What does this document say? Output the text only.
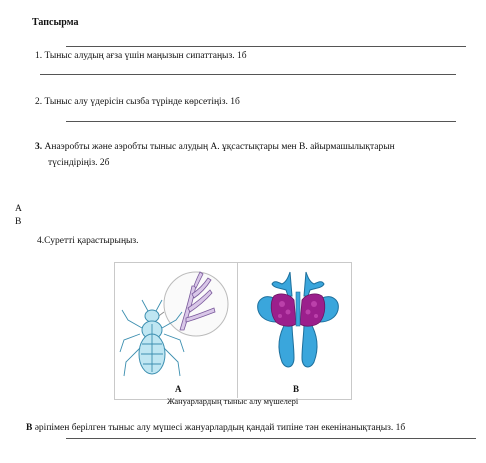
Тапсырма
1. Тыныс алудың ағза үшін маңызын сипаттаңыз. 1б
2. Тыныс алу үдерісін сызба түрінде көрсетіңіз. 1б
3. Анаэробты және аэробты тыныс алудың А. ұқсастықтары мен В. айырмашылықтарын
түсіндіріңіз. 2б
А
В
4.Суретті қарастырыңыз.
А	В
Жануарлардың тыныс алу мүшелері
В әріпімен берілген тыныс алу мүшесі жануарлардың қандай типіне тән екенінанықтаңыз. 1б
